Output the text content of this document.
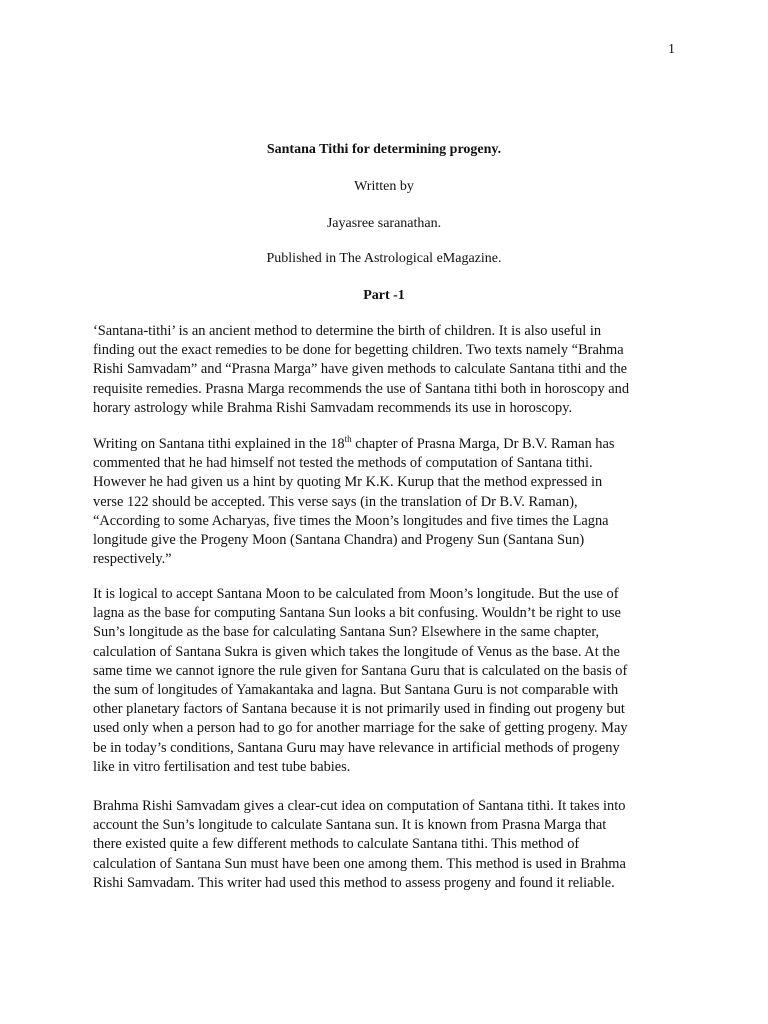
1
Santana Tithi for determining progeny.
Written by
Jayasree saranathan.
Published in The Astrological eMagazine.
Part -1

‘Santana-tithi’ is an ancient method to determine the birth of children. It is also useful in
finding out the exact remedies to be done for begetting children. Two texts namely “Brahma
Rishi Samvadam” and “Prasna Marga” have given methods to calculate Santana tithi and the
requisite remedies. Prasna Marga recommends the use of Santana tithi both in horoscopy and
horary astrology while Brahma Rishi Samvadam recommends its use in horoscopy.

Writing on Santana tithi explained in the 18th chapter of Prasna Marga, Dr B.V. Raman has
commented that he had himself not tested the methods of computation of Santana tithi.
However he had given us a hint by quoting Mr K.K. Kurup that the method expressed in
verse 122 should be accepted. This verse says (in the translation of Dr B.V. Raman),
“According to some Acharyas, five times the Moon’s longitudes and five times the Lagna
longitude give the Progeny Moon (Santana Chandra) and Progeny Sun (Santana Sun)
respectively.”

It is logical to accept Santana Moon to be calculated from Moon’s longitude. But the use of
lagna as the base for computing Santana Sun looks a bit confusing. Wouldn’t be right to use
Sun’s longitude as the base for calculating Santana Sun? Elsewhere in the same chapter,
calculation of Santana Sukra is given which takes the longitude of Venus as the base. At the
same time we cannot ignore the rule given for Santana Guru that is calculated on the basis of
the sum of longitudes of Yamakantaka and lagna. But Santana Guru is not comparable with
other planetary factors of Santana because it is not primarily used in finding out progeny but
used only when a person had to go for another marriage for the sake of getting progeny. May
be in today’s conditions, Santana Guru may have relevance in artificial methods of progeny
like in vitro fertilisation and test tube babies.

Brahma Rishi Samvadam gives a clear-cut idea on computation of Santana tithi. It takes into
account the Sun’s longitude to calculate Santana sun. It is known from Prasna Marga that
there existed quite a few different methods to calculate Santana tithi. This method of
calculation of Santana Sun must have been one among them. This method is used in Brahma
Rishi Samvadam. This writer had used this method to assess progeny and found it reliable.
